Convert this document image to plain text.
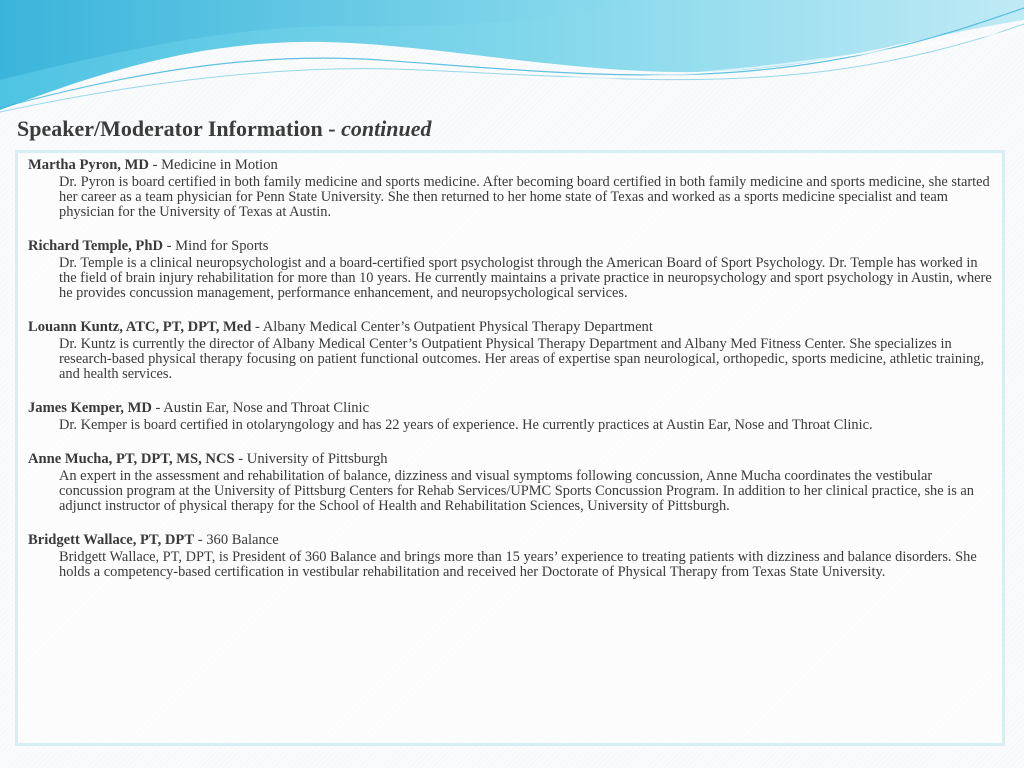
Speaker/Moderator Information - continued
Martha Pyron, MD - Medicine in Motion
Dr. Pyron is board certified in both family medicine and sports medicine. After becoming board certified in both family medicine and sports medicine, she started her career as a team physician for Penn State University. She then returned to her home state of Texas and worked as a sports medicine specialist and team physician for the University of Texas at Austin.
Richard Temple, PhD - Mind for Sports
Dr. Temple is a clinical neuropsychologist and a board-certified sport psychologist through the American Board of Sport Psychology. Dr. Temple has worked in the field of brain injury rehabilitation for more than 10 years. He currently maintains a private practice in neuropsychology and sport psychology in Austin, where he provides concussion management, performance enhancement, and neuropsychological services.
Louann Kuntz, ATC, PT, DPT, Med - Albany Medical Center’s Outpatient Physical Therapy Department
Dr. Kuntz is currently the director of Albany Medical Center’s Outpatient Physical Therapy Department and Albany Med Fitness Center. She specializes in research-based physical therapy focusing on patient functional outcomes. Her areas of expertise span neurological, orthopedic, sports medicine, athletic training, and health services.
James Kemper, MD - Austin Ear, Nose and Throat Clinic
Dr. Kemper is board certified in otolaryngology and has 22 years of experience. He currently practices at Austin Ear, Nose and Throat Clinic.
Anne Mucha, PT, DPT, MS, NCS - University of Pittsburgh
An expert in the assessment and rehabilitation of balance, dizziness and visual symptoms following concussion, Anne Mucha coordinates the vestibular concussion program at the University of Pittsburg Centers for Rehab Services/UPMC Sports Concussion Program. In addition to her clinical practice, she is an adjunct instructor of physical therapy for the School of Health and Rehabilitation Sciences, University of Pittsburgh.
Bridgett Wallace, PT, DPT - 360 Balance
Bridgett Wallace, PT, DPT, is President of 360 Balance and brings more than 15 years’ experience to treating patients with dizziness and balance disorders. She holds a competency-based certification in vestibular rehabilitation and received her Doctorate of Physical Therapy from Texas State University.
